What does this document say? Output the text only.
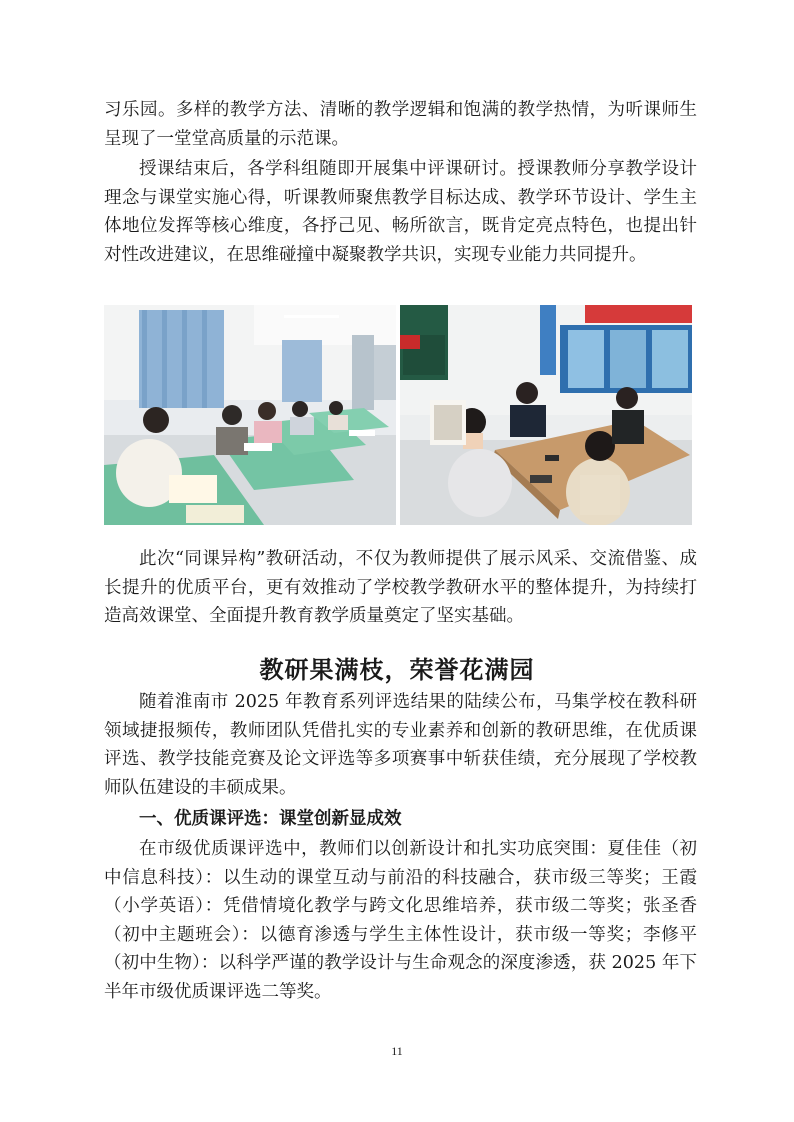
习乐园。多样的教学方法、清晰的教学逻辑和饱满的教学热情，为听课师生呈现了一堂堂高质量的示范课。

授课结束后，各学科组随即开展集中评课研讨。授课教师分享教学设计理念与课堂实施心得，听课教师聚焦教学目标达成、教学环节设计、学生主体地位发挥等核心维度，各抒己见、畅所欲言，既肯定亮点特色，也提出针对性改进建议，在思维碰撞中凝聚教学共识，实现专业能力共同提升。

此次“同课异构”教研活动，不仅为教师提供了展示风采、交流借鉴、成长提升的优质平台，更有效推动了学校教学教研水平的整体提升，为持续打造高效课堂、全面提升教育教学质量奠定了坚实基础。

教研果满枝，荣誉花满园

随着淮南市 2025 年教育系列评选结果的陆续公布，马集学校在教科研领域捷报频传，教师团队凭借扎实的专业素养和创新的教研思维，在优质课评选、教学技能竞赛及论文评选等多项赛事中斩获佳绩，充分展现了学校教师队伍建设的丰硕成果。

一、优质课评选：课堂创新显成效

在市级优质课评选中，教师们以创新设计和扎实功底突围：夏佳佳（初中信息科技）：以生动的课堂互动与前沿的科技融合，获市级三等奖；王霞（小学英语）：凭借情境化教学与跨文化思维培养，获市级二等奖；张圣香（初中主题班会）：以德育渗透与学生主体性设计，获市级一等奖；李修平（初中生物）：以科学严谨的教学设计与生命观念的深度渗透，获 2025 年下半年市级优质课评选二等奖。

11
